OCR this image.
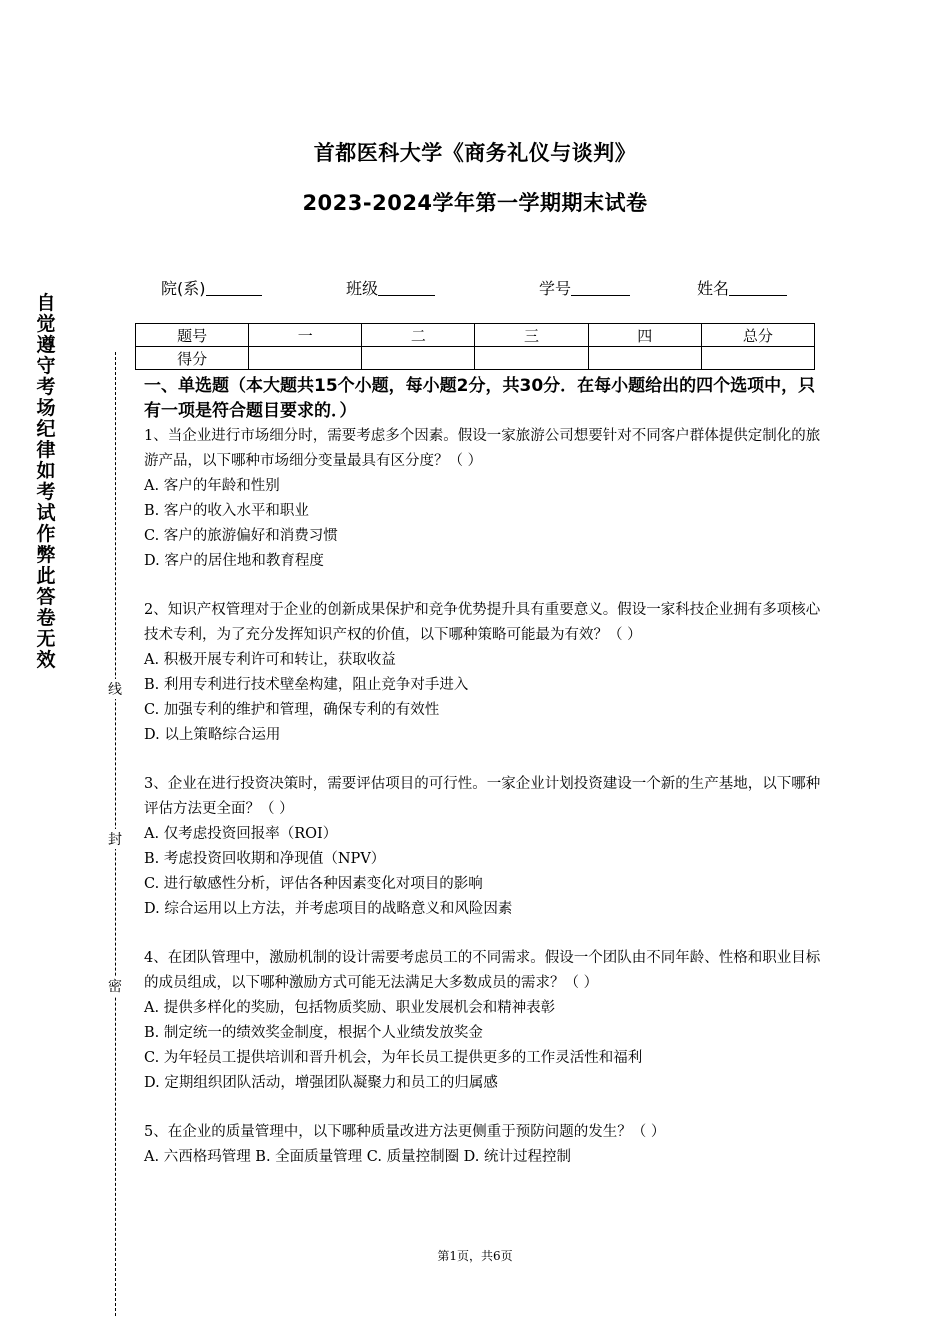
首都医科大学《商务礼仪与谈判》
2023-2024学年第一学期期末试卷
院(系)	班级	学号	姓名
题号	一	二	三	四	总分
得分					
自
觉
遵
守
考
场
纪
律
如
考
试
作
弊
此
答
卷
无
效
线
封
密

一、单选题（本大题共15个小题，每小题2分，共30分．在每小题给出的四个选项中，只有一项是符合题目要求的．）

1、当企业进行市场细分时，需要考虑多个因素。假设一家旅游公司想要针对不同客户群体提供定制化的旅游产品，以下哪种市场细分变量最具有区分度？（ ）

A. 客户的年龄和性别

B. 客户的收入水平和职业

C. 客户的旅游偏好和消费习惯

D. 客户的居住地和教育程度

2、知识产权管理对于企业的创新成果保护和竞争优势提升具有重要意义。假设一家科技企业拥有多项核心技术专利，为了充分发挥知识产权的价值，以下哪种策略可能最为有效？（ ）

A. 积极开展专利许可和转让，获取收益

B. 利用专利进行技术壁垒构建，阻止竞争对手进入

C. 加强专利的维护和管理，确保专利的有效性

D. 以上策略综合运用

3、企业在进行投资决策时，需要评估项目的可行性。一家企业计划投资建设一个新的生产基地，以下哪种评估方法更全面？（ ）

A. 仅考虑投资回报率（ROI）

B. 考虑投资回收期和净现值（NPV）

C. 进行敏感性分析，评估各种因素变化对项目的影响

D. 综合运用以上方法，并考虑项目的战略意义和风险因素

4、在团队管理中，激励机制的设计需要考虑员工的不同需求。假设一个团队由不同年龄、性格和职业目标的成员组成，以下哪种激励方式可能无法满足大多数成员的需求？（ ）

A. 提供多样化的奖励，包括物质奖励、职业发展机会和精神表彰

B. 制定统一的绩效奖金制度，根据个人业绩发放奖金

C. 为年轻员工提供培训和晋升机会，为年长员工提供更多的工作灵活性和福利

D. 定期组织团队活动，增强团队凝聚力和员工的归属感

5、在企业的质量管理中，以下哪种质量改进方法更侧重于预防问题的发生？（ ）

A. 六西格玛管理 B. 全面质量管理 C. 质量控制圈 D. 统计过程控制

第1页，共6页
